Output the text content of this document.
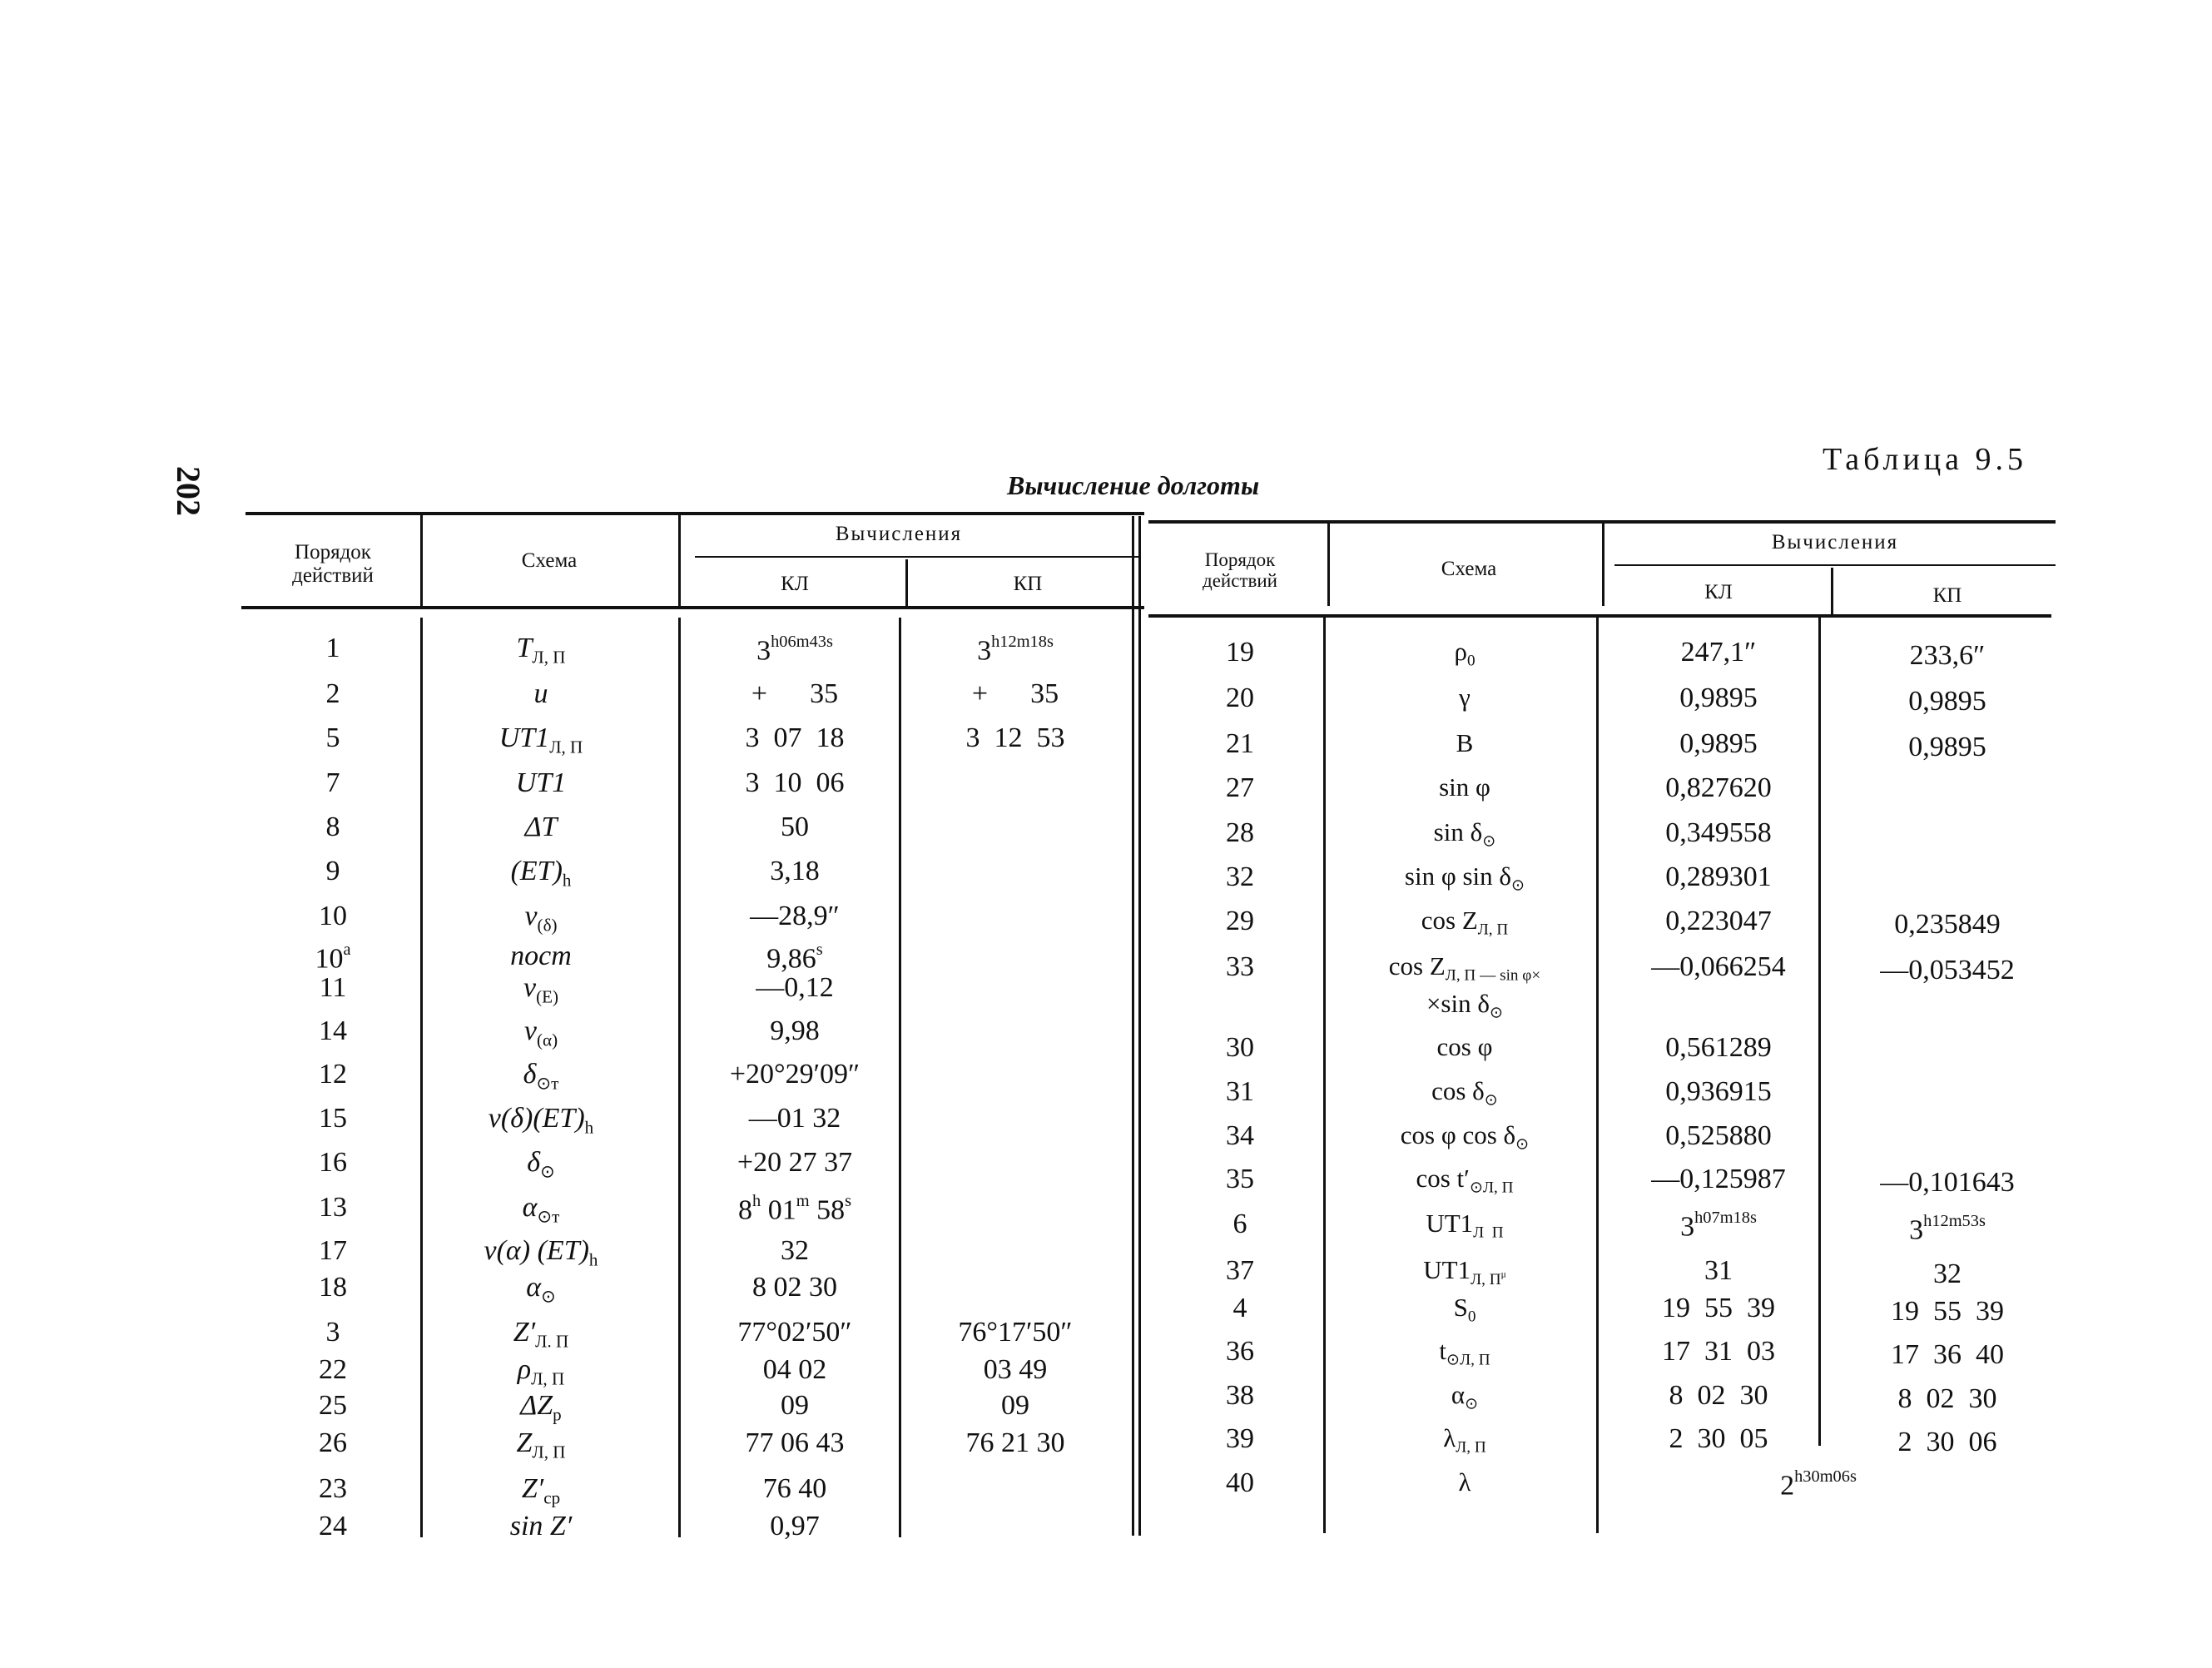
202
Таблица 9.5
Вычисление долготы
Порядок действий
Схема
Вычисления
КЛ	КП
Порядок действий
Схема
Вычисления
КЛ	КП
1	$T_{Л, П}$	$3^{h06m43s}$	$3^{h12m18s}$
2	u	+      35	+      35
5	$UT1_{Л, П}$	3  07  18	3  12  53
7	UT1	3  10  06
8	ΔT	50
9	$(ET)_h$	3,18
10	$v_{(\delta)}$	—28,9″
10$^a$	пост	9,86$^s$
11	$v_{(E)}$	—0,12
14	$v_{(\alpha)}$	9,98
12	$\delta_{⊙т}$	+20°29′09″
15	$v(\delta)(ET)_h$	—01 32
16	$\delta_⊙$	+20 27 37
13	$\alpha_{⊙т}$	8$^h$ 01$^m$ 58$^s$
17	v(α) $(ET)_h$	32
18	$\alpha_⊙$	8 02 30
3	$Z'_{Л. П}$	77°02′50″	76°17′50″
22	$\rho_{Л, П}$	04 02	03 49
25	$\Delta Z_р$	09	09
26	$Z_{Л, П}$	77 06 43	76 21 30
23	$Z'_{ср}$	76 40
24	sin Z′	0,97
19	$\rho_0$	247,1″	233,6″
20	γ	0,9895	0,9895
21	B	0,9895	0,9895
27	sin φ	0,827620
28	$\sin \delta_⊙$	0,349558
32	sin φ $\sin \delta_⊙$	0,289301
29	$\cos Z_{Л, П}$	0,223047	0,235849
33	$\cos Z_{Л, П — sin \varphi\times}$
×sin $\delta_⊙$
—0,066254	—0,053452
30	cos φ	0,561289
31	$\cos \delta_⊙$	0,936915
34	cos φ $\cos \delta_⊙$	0,525880
35	$\cos t'_{⊙Л, П}$	—0,125987	—0,101643
6	$UT1_{Л П}$	$3^{h07m18s}$	$3^{h12m53s}$
37	$UT1_{Л, П^\mu}$	31	32
4	$S_0$	19  55  39	19  55  39
36	$t_{⊙Л, П}$	17  31  03	17  36  40
38	$\alpha_⊙$	8  02  30	8  02  30
39	$\lambda_{Л, П}$	2  30  05	2  30  06
40	λ	$2^{h30m06s}$
